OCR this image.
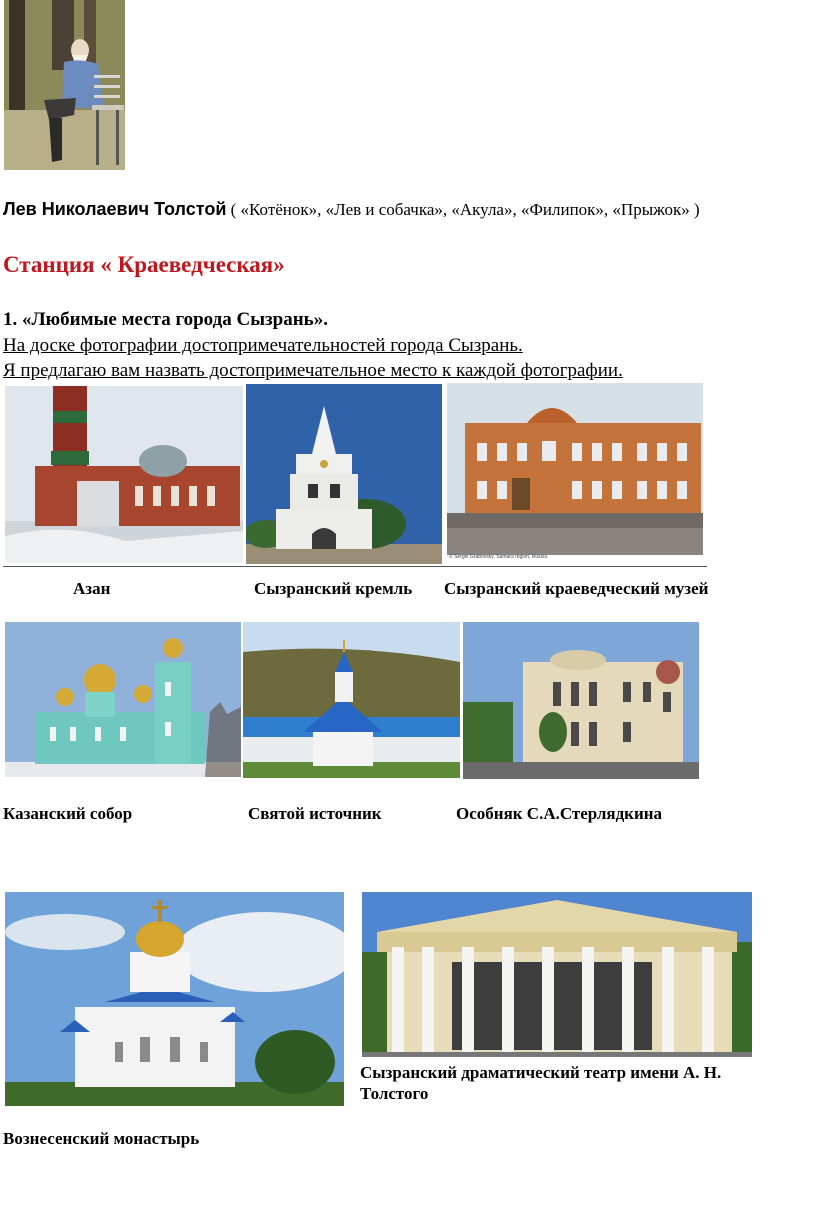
Лев Николаевич Толстой ( «Котёнок», «Лев и собачка», «Акула», «Филипок», «Прыжок» )
Станция « Краеведческая»
1. «Любимые места города Сызрань».
На доске фотографии достопримечательностей города Сызрань.
Я предлагаю вам назвать достопримечательное место к каждой фотографии.
© Sergei Grabovsky, Samara region, Russia
Азан	Сызранский кремль Сызранский краеведческий музей
Казанский собор	Святой источник	Особняк С.А.Стерлядкина
Сызранский драматический театр имени А. Н.
Толстого
Вознесенский монастырь
